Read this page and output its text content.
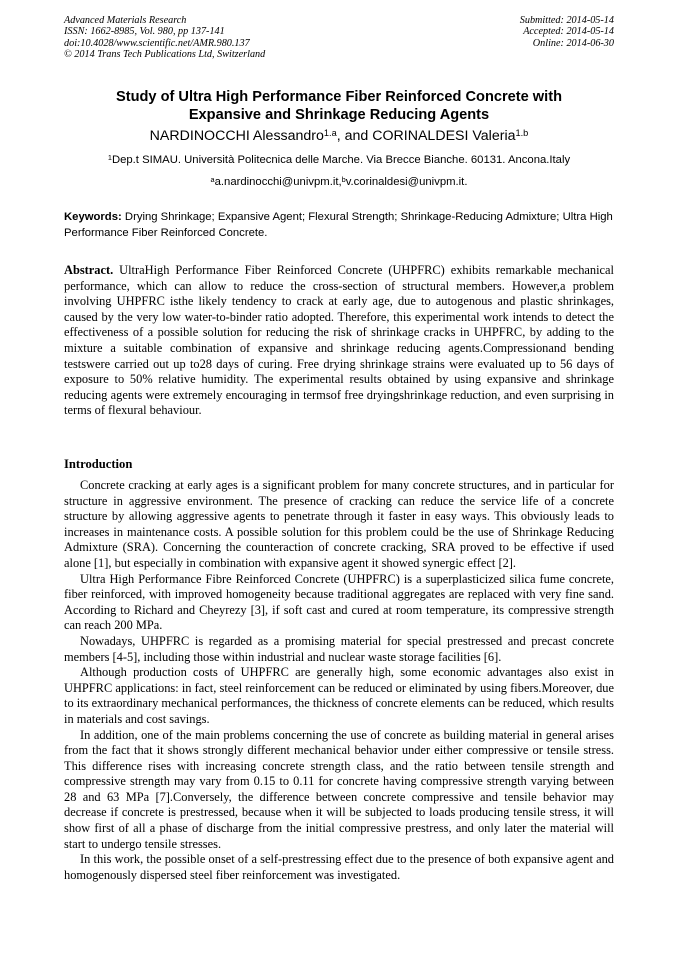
Advanced Materials Research
ISSN: 1662-8985, Vol. 980, pp 137-141
doi:10.4028/www.scientific.net/AMR.980.137
© 2014 Trans Tech Publications Ltd, Switzerland
Submitted: 2014-05-14
Accepted: 2014-05-14
Online: 2014-06-30
Study of Ultra High Performance Fiber Reinforced Concrete with
Expansive and Shrinkage Reducing Agents
NARDINOCCHI Alessandro$^{1.a}$, and CORINALDESI Valeria$^{1.b}$
$^1$Dep.t SIMAU. Università Politecnica delle Marche. Via Brecce Bianche. 60131. Ancona.Italy
$^a$a.nardinocchi@univpm.it,$^b$v.corinaldesi@univpm.it.
Keywords: Drying Shrinkage; Expansive Agent; Flexural Strength; Shrinkage-Reducing Admixture; Ultra High Performance Fiber Reinforced Concrete.
Abstract. UltraHigh Performance Fiber Reinforced Concrete (UHPFRC) exhibits remarkable mechanical performance, which can allow to reduce the cross-section of structural members. However,a problem involving UHPFRC isthe likely tendency to crack at early age, due to autogenous and plastic shrinkages, caused by the very low water-to-binder ratio adopted. Therefore, this experimental work intends to detect the effectiveness of a possible solution for reducing the risk of shrinkage cracks in UHPFRC, by adding to the mixture a suitable combination of expansive and shrinkage reducing agents.Compressionand bending testswere carried out up to28 days of curing. Free drying shrinkage strains were evaluated up to 56 days of exposure to 50% relative humidity. The experimental results obtained by using expansive and shrinkage reducing agents were extremely encouraging in termsof free dryingshrinkage reduction, and even surprising in terms of flexural behaviour.
Introduction

Concrete cracking at early ages is a significant problem for many concrete structures, and in particular for structure in aggressive environment. The presence of cracking can reduce the service life of a concrete structure by allowing aggressive agents to penetrate through it faster in easy ways. This obviously leads to increases in maintenance costs. A possible solution for this problem could be the use of Shrinkage Reducing Admixture (SRA). Concerning the counteraction of concrete cracking, SRA proved to be effective if used alone [1], but especially in combination with expansive agent it showed synergic effect [2].

Ultra High Performance Fibre Reinforced Concrete (UHPFRC) is a superplasticized silica fume concrete, fiber reinforced, with improved homogeneity because traditional aggregates are replaced with very fine sand. According to Richard and Cheyrezy [3], if soft cast and cured at room temperature, its compressive strength can reach 200 MPa.

Nowadays, UHPFRC is regarded as a promising material for special prestressed and precast concrete members [4-5], including those within industrial and nuclear waste storage facilities [6].

Although production costs of UHPFRC are generally high, some economic advantages also exist in UHPFRC applications: in fact, steel reinforcement can be reduced or eliminated by using fibers.Moreover, due to its extraordinary mechanical performances, the thickness of concrete elements can be reduced, which results in materials and cost savings.

In addition, one of the main problems concerning the use of concrete as building material in general arises from the fact that it shows strongly different mechanical behavior under either compressive or tensile stress. This difference rises with increasing concrete strength class, and the ratio between tensile strength and compressive strength may vary from 0.15 to 0.11 for concrete having compressive strength varying between 28 and 63 MPa [7].Conversely, the difference between concrete compressive and tensile behavior may decrease if concrete is prestressed, because when it will be subjected to loads producing tensile stress, it will show first of all a phase of discharge from the initial compressive prestress, and only later the material will start to undergo tensile stresses.

In this work, the possible onset of a self-prestressing effect due to the presence of both expansive agent and homogenously dispersed steel fiber reinforcement was investigated.
